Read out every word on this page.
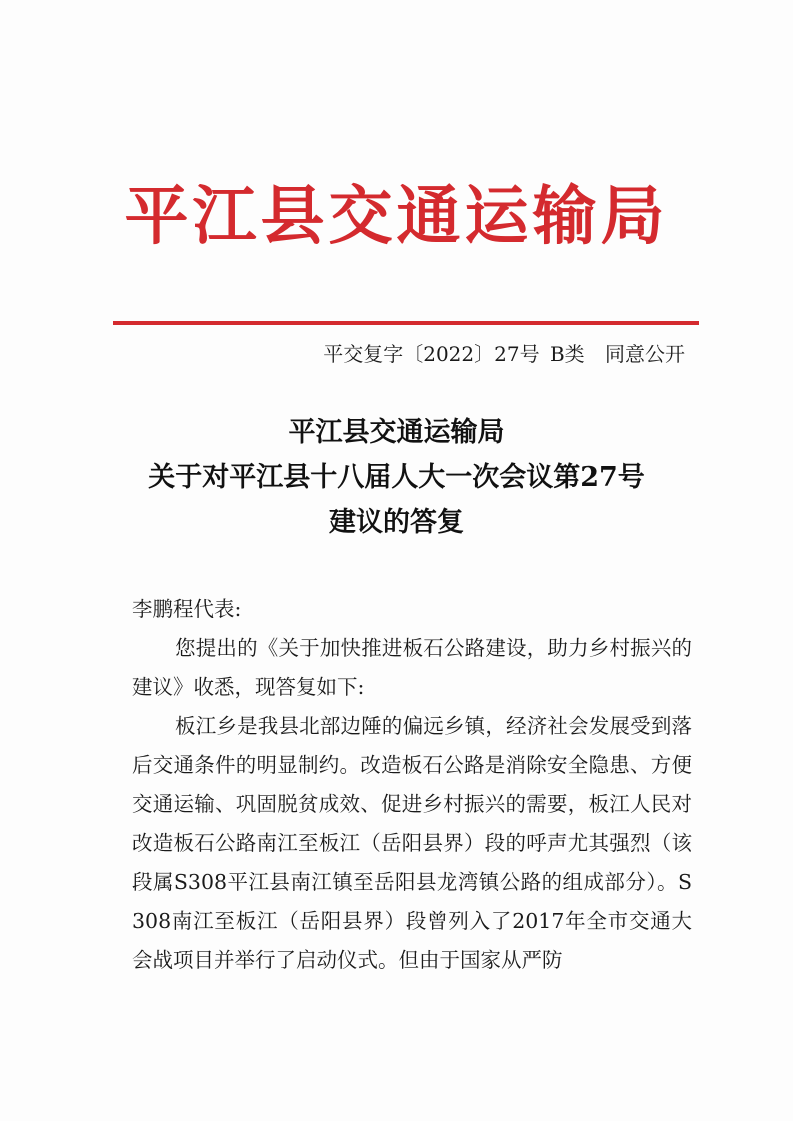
平江县交通运输局
平交复字〔2022〕27号 B类 同意公开
平江县交通运输局
关于对平江县十八届人大一次会议第27号
建议的答复
李鹏程代表:

您提出的《关于加快推进板石公路建设，助力乡村振兴的建议》收悉，现答复如下:

板江乡是我县北部边陲的偏远乡镇，经济社会发展受到落后交通条件的明显制约。改造板石公路是消除安全隐患、方便交通运输、巩固脱贫成效、促进乡村振兴的需要，板江人民对改造板石公路南江至板江（岳阳县界）段的呼声尤其强烈（该段属S308平江县南江镇至岳阳县龙湾镇公路的组成部分）。S308南江至板江（岳阳县界）段曾列入了2017年全市交通大会战项目并举行了启动仪式。但由于国家从严防
